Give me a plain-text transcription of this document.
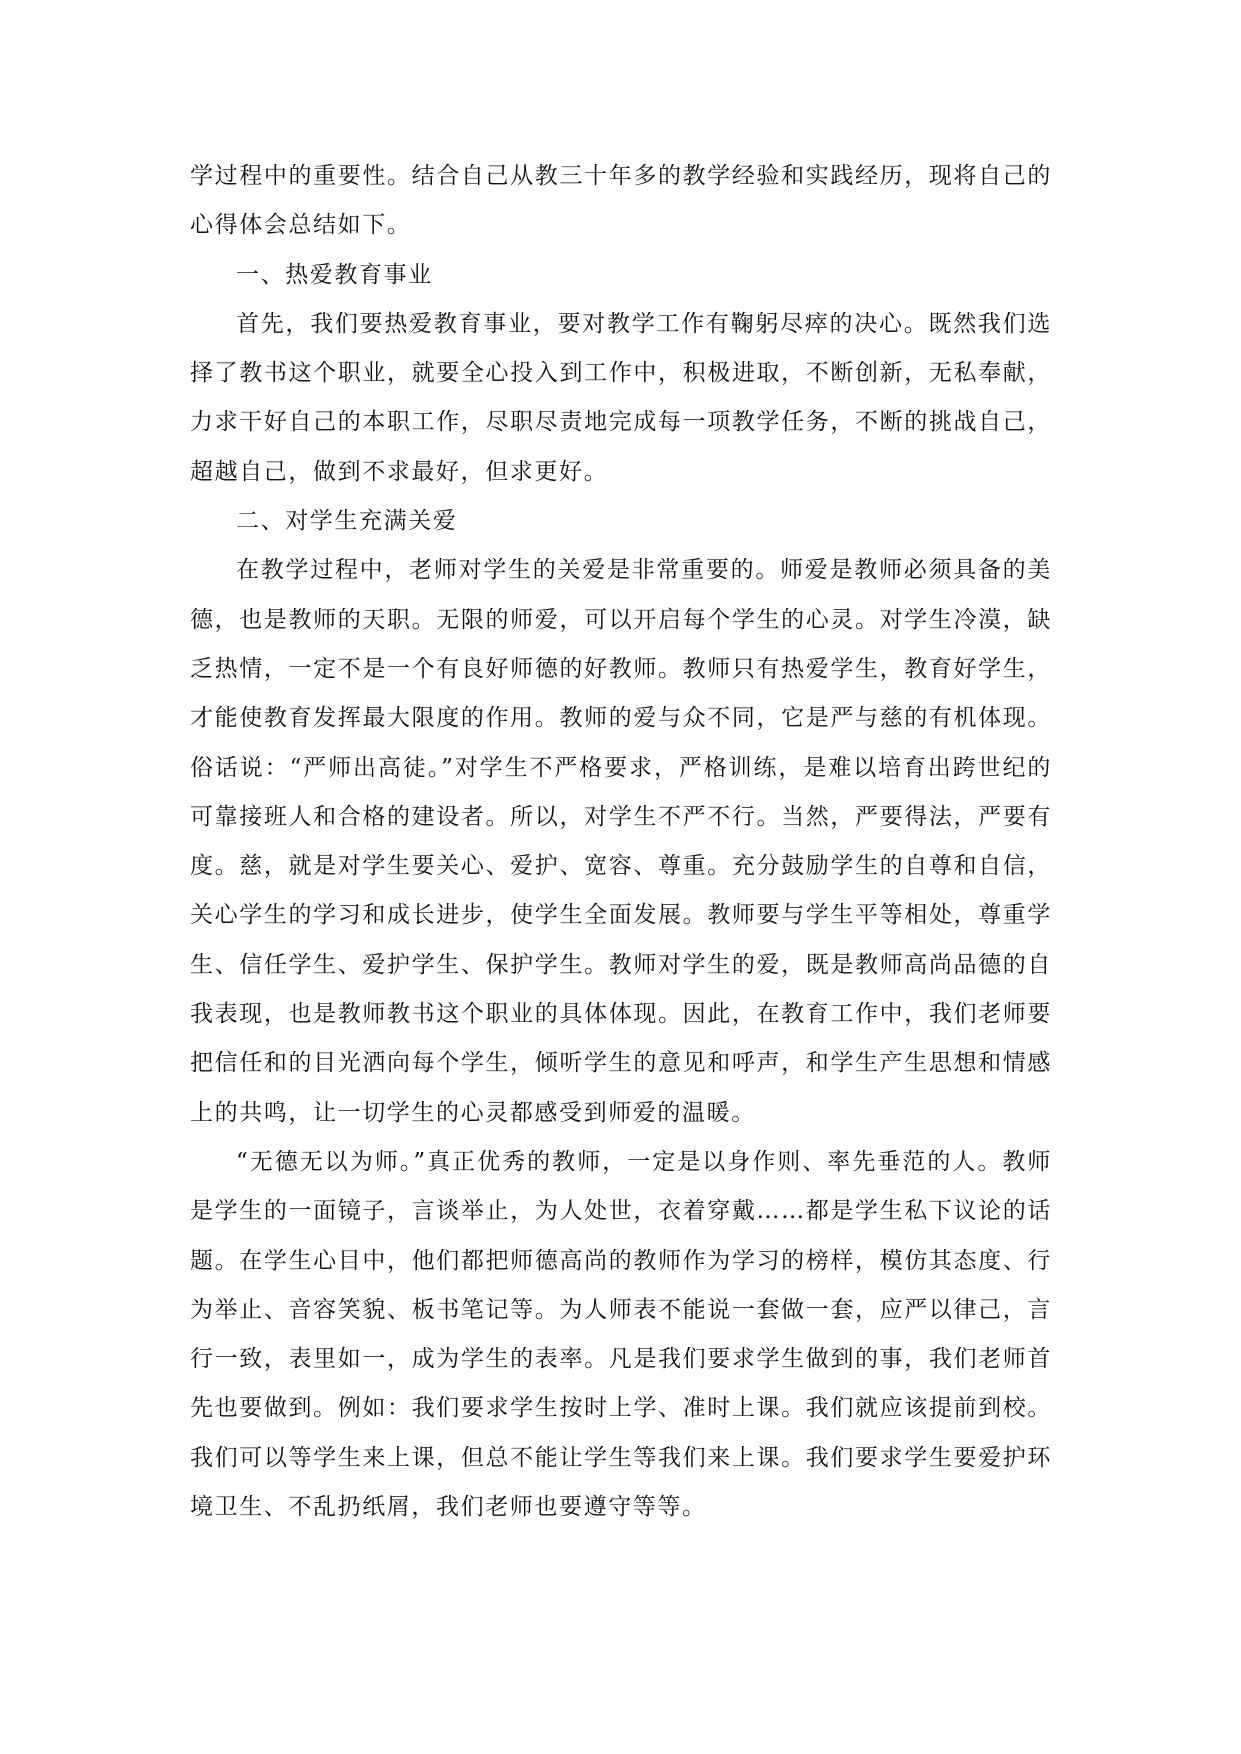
学过程中的重要性。结合自己从教三十年多的教学经验和实践经历，现将自己的心得体会总结如下。

一、热爱教育事业

首先，我们要热爱教育事业，要对教学工作有鞠躬尽瘁的决心。既然我们选择了教书这个职业，就要全心投入到工作中，积极进取，不断创新，无私奉献，力求干好自己的本职工作，尽职尽责地完成每一项教学任务，不断的挑战自己，超越自己，做到不求最好，但求更好。

二、对学生充满关爱

在教学过程中，老师对学生的关爱是非常重要的。师爱是教师必须具备的美德，也是教师的天职。无限的师爱，可以开启每个学生的心灵。对学生冷漠，缺乏热情，一定不是一个有良好师德的好教师。教师只有热爱学生，教育好学生，才能使教育发挥最大限度的作用。教师的爱与众不同，它是严与慈的有机体现。俗话说：“严师出高徒。”对学生不严格要求，严格训练，是难以培育出跨世纪的可靠接班人和合格的建设者。所以，对学生不严不行。当然，严要得法，严要有度。慈，就是对学生要关心、爱护、宽容、尊重。充分鼓励学生的自尊和自信，关心学生的学习和成长进步，使学生全面发展。教师要与学生平等相处，尊重学生、信任学生、爱护学生、保护学生。教师对学生的爱，既是教师高尚品德的自我表现，也是教师教书这个职业的具体体现。因此，在教育工作中，我们老师要把信任和的目光洒向每个学生，倾听学生的意见和呼声，和学生产生思想和情感上的共鸣，让一切学生的心灵都感受到师爱的温暖。

“无德无以为师。”真正优秀的教师，一定是以身作则、率先垂范的人。教师是学生的一面镜子，言谈举止，为人处世，衣着穿戴……都是学生私下议论的话题。在学生心目中，他们都把师德高尚的教师作为学习的榜样，模仿其态度、行为举止、音容笑貌、板书笔记等。为人师表不能说一套做一套，应严以律己，言行一致，表里如一，成为学生的表率。凡是我们要求学生做到的事，我们老师首先也要做到。例如：我们要求学生按时上学、准时上课。我们就应该提前到校。我们可以等学生来上课，但总不能让学生等我们来上课。我们要求学生要爱护环境卫生、不乱扔纸屑，我们老师也要遵守等等。
